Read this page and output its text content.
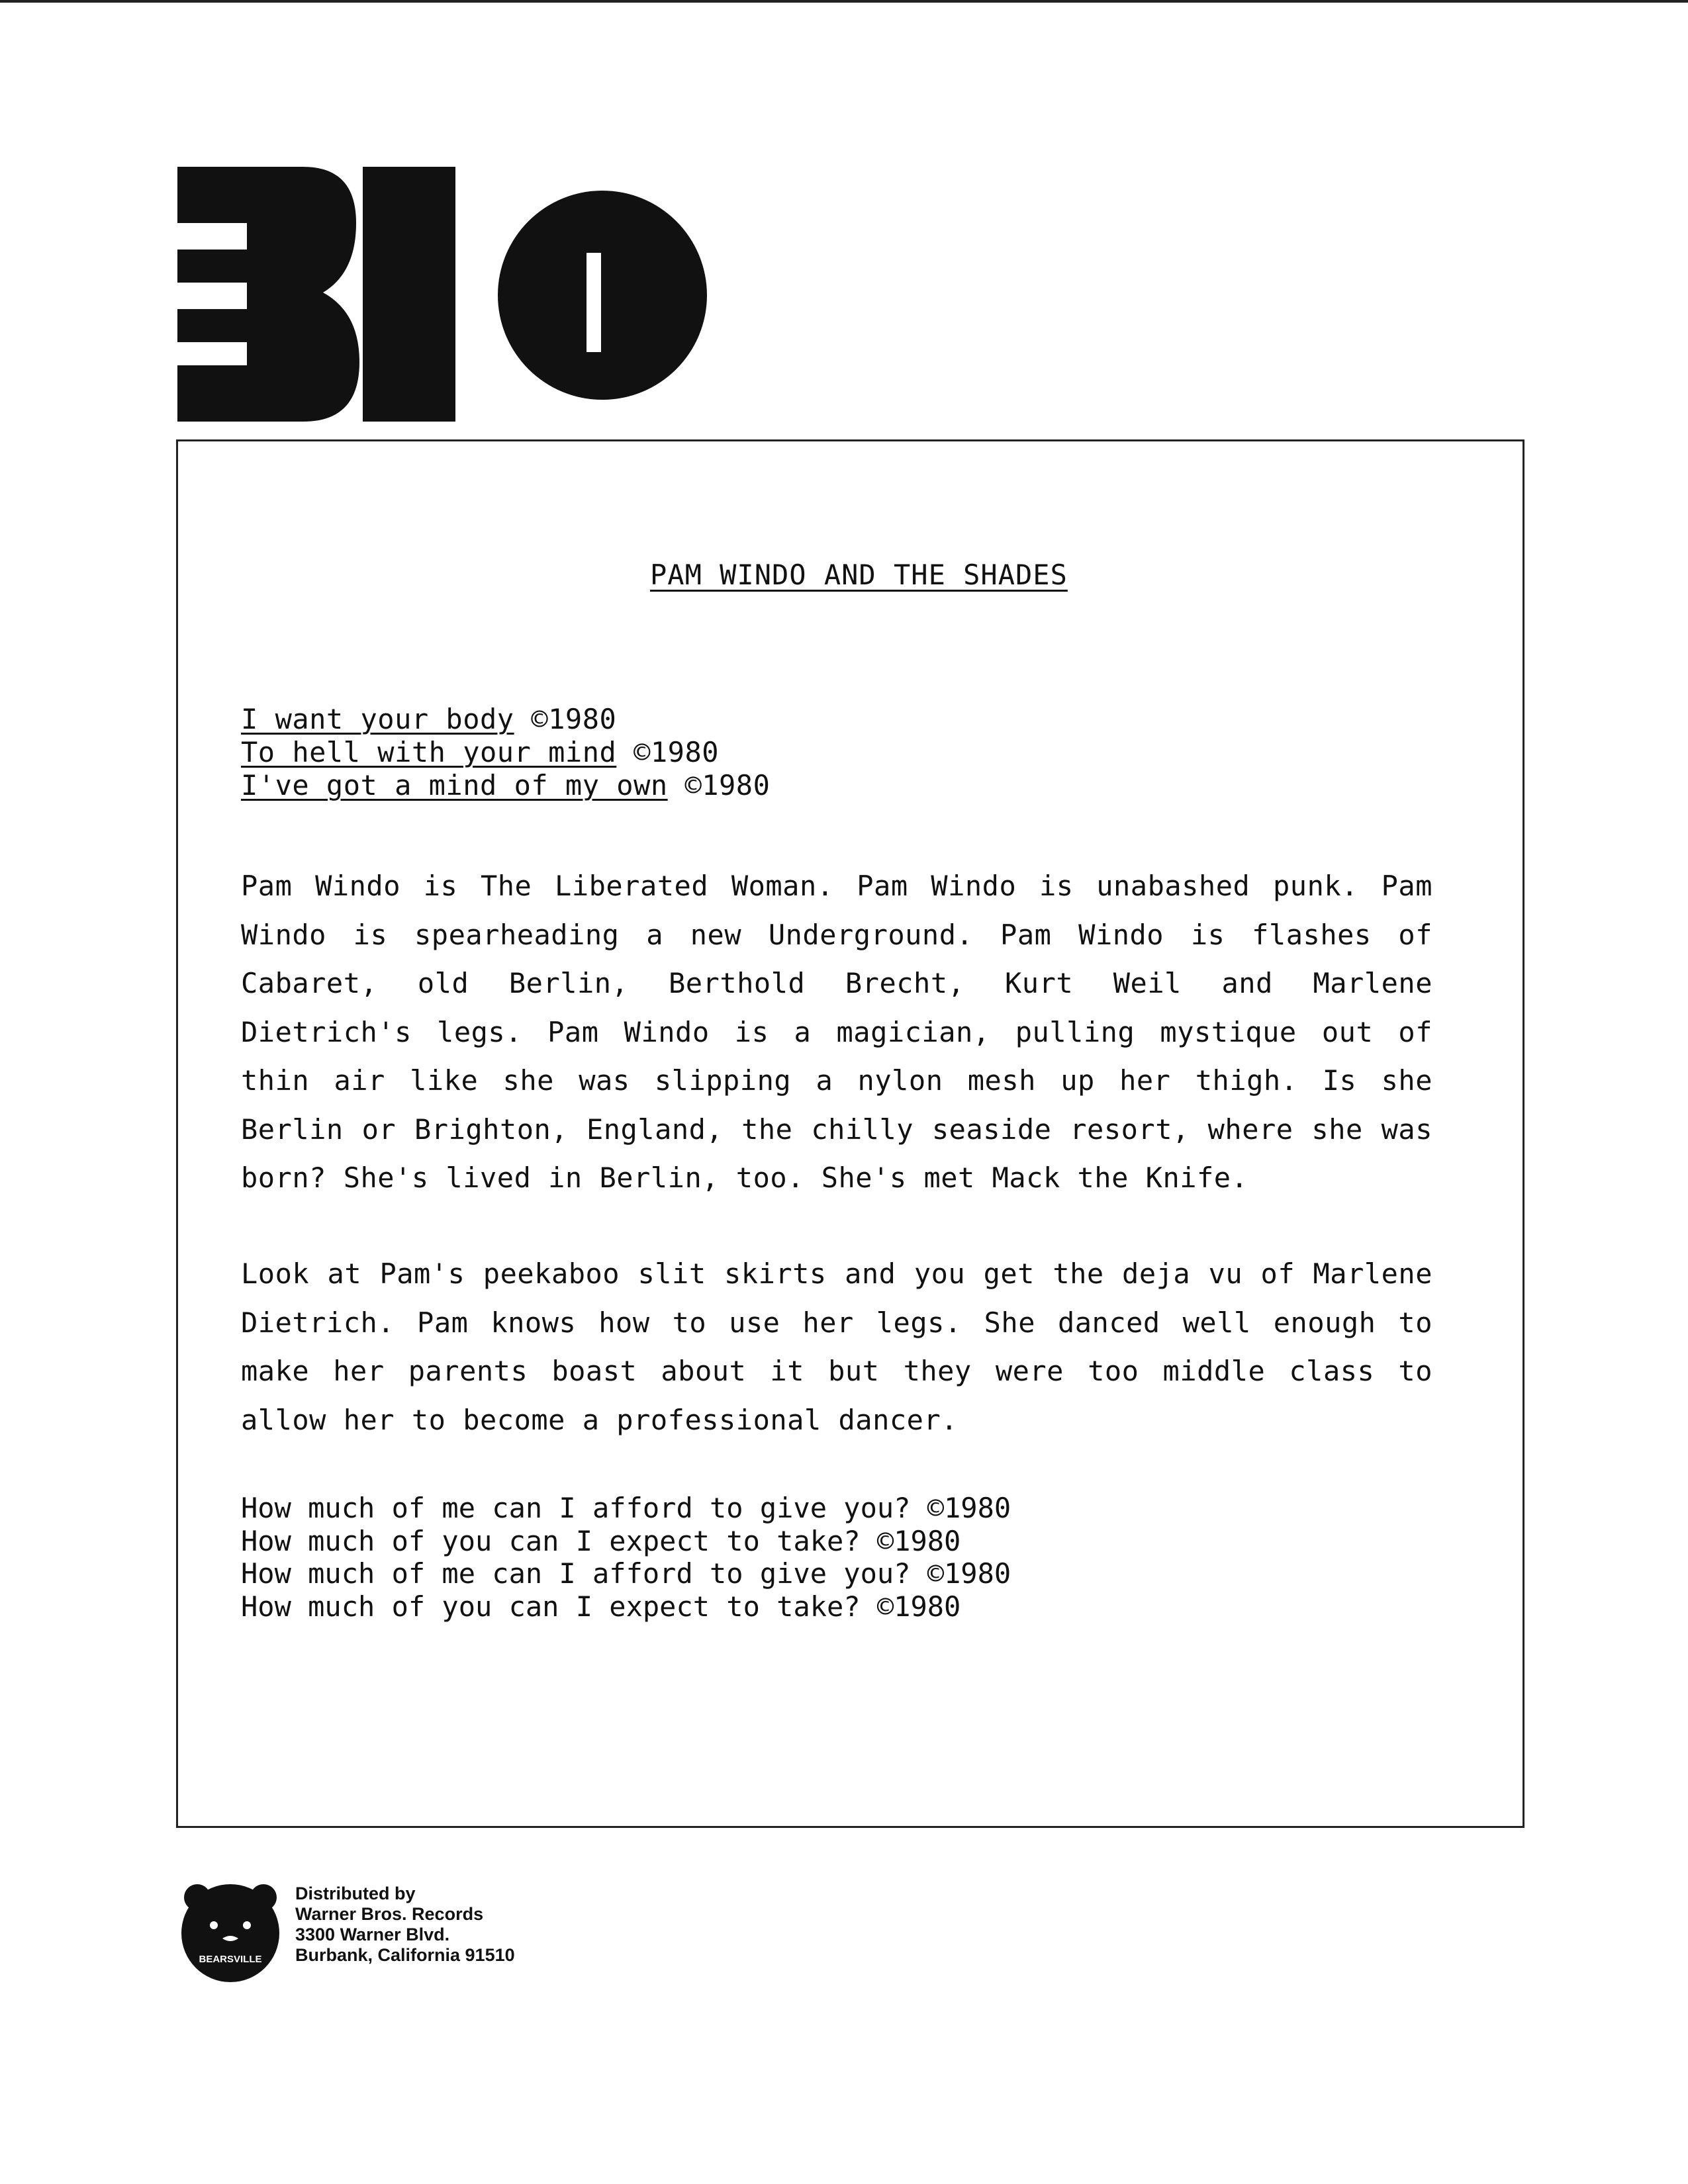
PAM WINDO AND THE SHADES
I want your body ©1980
To hell with your mind ©1980
I've got a mind of my own ©1980
Pam Windo is The Liberated Woman. Pam Windo is unabashed punk. Pam Windo is spearheading a new Underground. Pam Windo is flashes of Cabaret, old Berlin, Berthold Brecht, Kurt Weil and Marlene Dietrich's legs. Pam Windo is a magician, pulling mystique out of thin air like she was slipping a nylon mesh up her thigh. Is she Berlin or Brighton, England, the chilly seaside resort, where she was born? She's lived in Berlin, too. She's met Mack the Knife.
Look at Pam's peekaboo slit skirts and you get the deja vu of Marlene Dietrich. Pam knows how to use her legs. She danced well enough to make her parents boast about it but they were too middle class to allow her to become a professional dancer.
How much of me can I afford to give you? ©1980
How much of you can I expect to take? ©1980
How much of me can I afford to give you? ©1980
How much of you can I expect to take? ©1980
BEARSVILLE
Distributed by
Warner Bros. Records
3300 Warner Blvd.
Burbank, California 91510
